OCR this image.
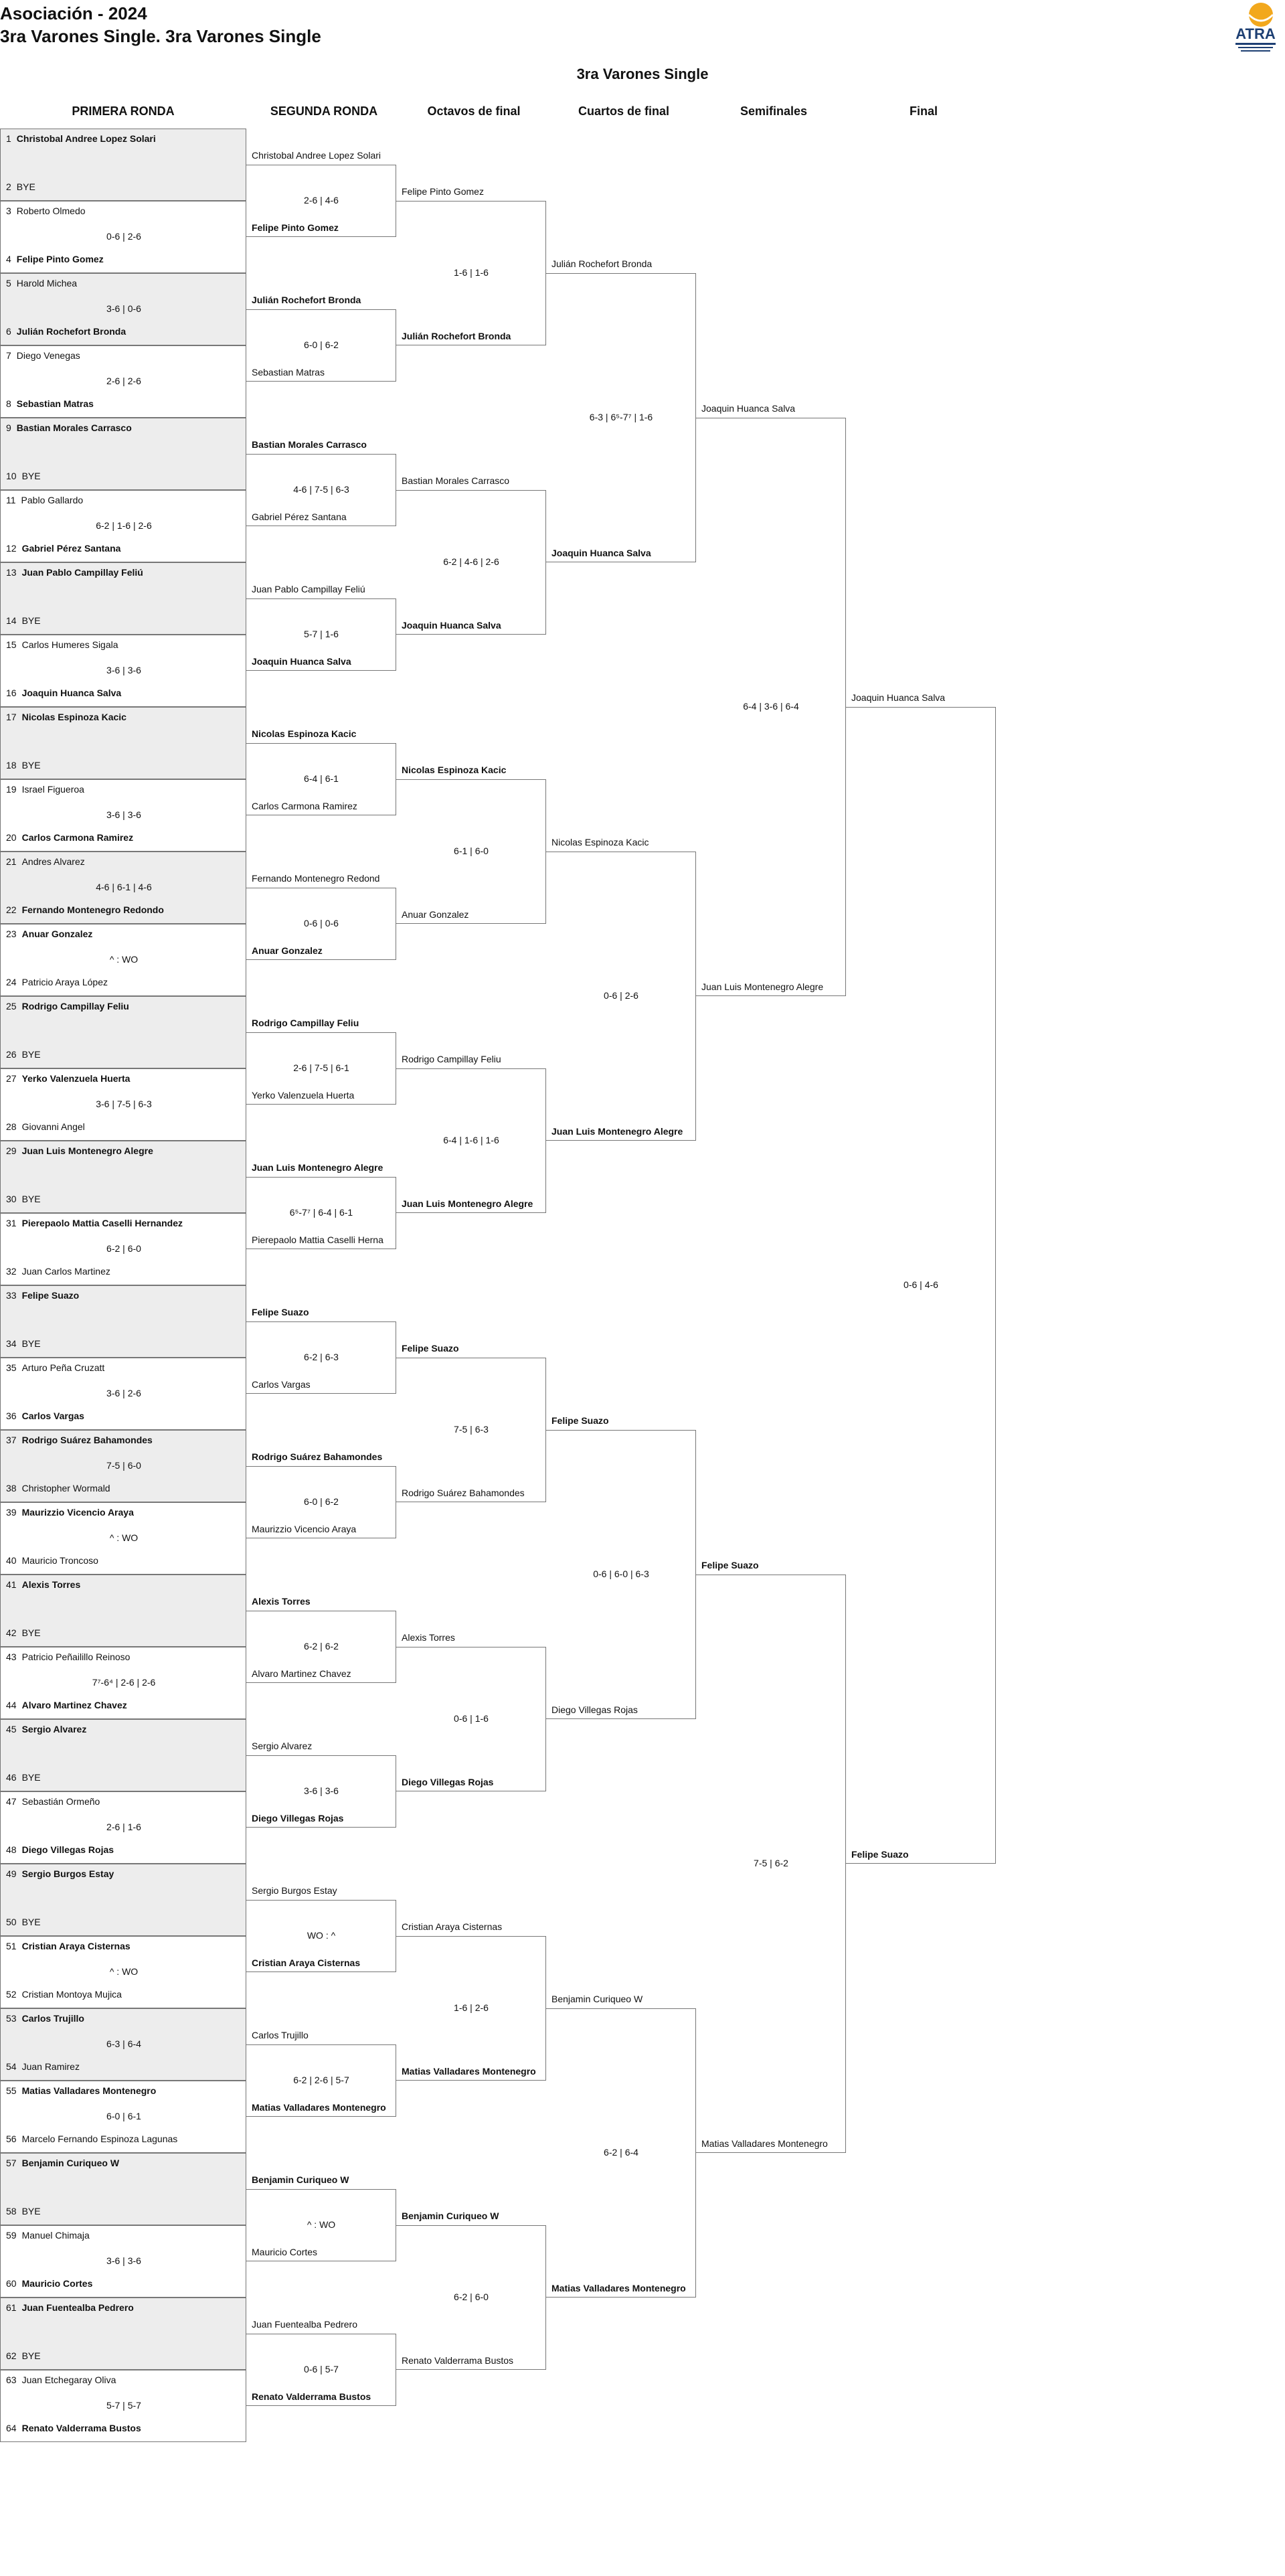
Asociación - 2024
3ra Varones Single. 3ra Varones Single	ATRA
3ra Varones Single
PRIMERA RONDA	SEGUNDA RONDA	Octavos de final	Cuartos de final	Semifinales	Final
1 Christobal Andree Lopez Solari
2 BYE
3 Roberto Olmedo
0-6 | 2-6
4 Felipe Pinto Gomez
5 Harold Michea
3-6 | 0-6
6 Julián Rochefort Bronda
7 Diego Venegas
2-6 | 2-6
8 Sebastian Matras
9 Bastian Morales Carrasco
10 BYE
11 Pablo Gallardo
6-2 | 1-6 | 2-6
12 Gabriel Pérez Santana
13 Juan Pablo Campillay Feliú
14 BYE
15 Carlos Humeres Sigala
3-6 | 3-6
16 Joaquin Huanca Salva
17 Nicolas Espinoza Kacic
18 BYE
19 Israel Figueroa
3-6 | 3-6
20 Carlos Carmona Ramirez
21 Andres Alvarez
4-6 | 6-1 | 4-6
22 Fernando Montenegro Redondo
23 Anuar Gonzalez
^ : WO
24 Patricio Araya López
25 Rodrigo Campillay Feliu
26 BYE
27 Yerko Valenzuela Huerta
3-6 | 7-5 | 6-3
28 Giovanni Angel
29 Juan Luis Montenegro Alegre
30 BYE
31 Pierepaolo Mattia Caselli Hernandez
6-2 | 6-0
32 Juan Carlos Martinez
33 Felipe Suazo
34 BYE
35 Arturo Peña Cruzatt
3-6 | 2-6
36 Carlos Vargas
37 Rodrigo Suárez Bahamondes
7-5 | 6-0
38 Christopher Wormald
39 Maurizzio Vicencio Araya
^ : WO
40 Mauricio Troncoso
41 Alexis Torres
42 BYE
43 Patricio Peñailillo Reinoso
7⁷-6⁴ | 2-6 | 2-6
44 Alvaro Martinez Chavez
45 Sergio Alvarez
46 BYE
47 Sebastián Ormeño
2-6 | 1-6
48 Diego Villegas Rojas
49 Sergio Burgos Estay
50 BYE
51 Cristian Araya Cisternas
^ : WO
52 Cristian Montoya Mujica
53 Carlos Trujillo
6-3 | 6-4
54 Juan Ramirez
55 Matias Valladares Montenegro
6-0 | 6-1
56 Marcelo Fernando Espinoza Lagunas
57 Benjamin Curiqueo W
58 BYE
59 Manuel Chimaja
3-6 | 3-6
60 Mauricio Cortes
61 Juan Fuentealba Pedrero
62 BYE
63 Juan Etchegaray Oliva
5-7 | 5-7
64 Renato Valderrama Bustos
Christobal Andree Lopez Solari
Felipe Pinto Gomez
2-6 | 4-6
Julián Rochefort Bronda
Sebastian Matras
6-0 | 6-2
Bastian Morales Carrasco
Gabriel Pérez Santana
4-6 | 7-5 | 6-3
Juan Pablo Campillay Feliú
Joaquin Huanca Salva
5-7 | 1-6
Nicolas Espinoza Kacic
Carlos Carmona Ramirez
6-4 | 6-1
Fernando Montenegro Redond
Anuar Gonzalez
0-6 | 0-6
Rodrigo Campillay Feliu
Yerko Valenzuela Huerta
2-6 | 7-5 | 6-1
Juan Luis Montenegro Alegre
Pierepaolo Mattia Caselli Herna
6⁵-7⁷ | 6-4 | 6-1
Felipe Suazo
Carlos Vargas
6-2 | 6-3
Rodrigo Suárez Bahamondes
Maurizzio Vicencio Araya
6-0 | 6-2
Alexis Torres
Alvaro Martinez Chavez
6-2 | 6-2
Sergio Alvarez
Diego Villegas Rojas
3-6 | 3-6
Sergio Burgos Estay
Cristian Araya Cisternas
WO : ^
Carlos Trujillo
Matias Valladares Montenegro
6-2 | 2-6 | 5-7
Benjamin Curiqueo W
Mauricio Cortes
^ : WO
Juan Fuentealba Pedrero
Renato Valderrama Bustos
0-6 | 5-7
Felipe Pinto Gomez
Julián Rochefort Bronda
1-6 | 1-6
Bastian Morales Carrasco
Joaquin Huanca Salva
6-2 | 4-6 | 2-6
Nicolas Espinoza Kacic
Anuar Gonzalez
6-1 | 6-0
Rodrigo Campillay Feliu
Juan Luis Montenegro Alegre
6-4 | 1-6 | 1-6
Felipe Suazo
Rodrigo Suárez Bahamondes
7-5 | 6-3
Alexis Torres
Diego Villegas Rojas
0-6 | 1-6
Cristian Araya Cisternas
Matias Valladares Montenegro
1-6 | 2-6
Benjamin Curiqueo W
Renato Valderrama Bustos
6-2 | 6-0
Julián Rochefort Bronda
Joaquin Huanca Salva
6-3 | 6⁵-7⁷ | 1-6
Nicolas Espinoza Kacic
Juan Luis Montenegro Alegre
0-6 | 2-6
Felipe Suazo
Diego Villegas Rojas
0-6 | 6-0 | 6-3
Benjamin Curiqueo W
Matias Valladares Montenegro
6-2 | 6-4
Joaquin Huanca Salva
Juan Luis Montenegro Alegre
6-4 | 3-6 | 6-4
Felipe Suazo
Matias Valladares Montenegro
7-5 | 6-2
Joaquin Huanca Salva
Felipe Suazo
0-6 | 4-6
